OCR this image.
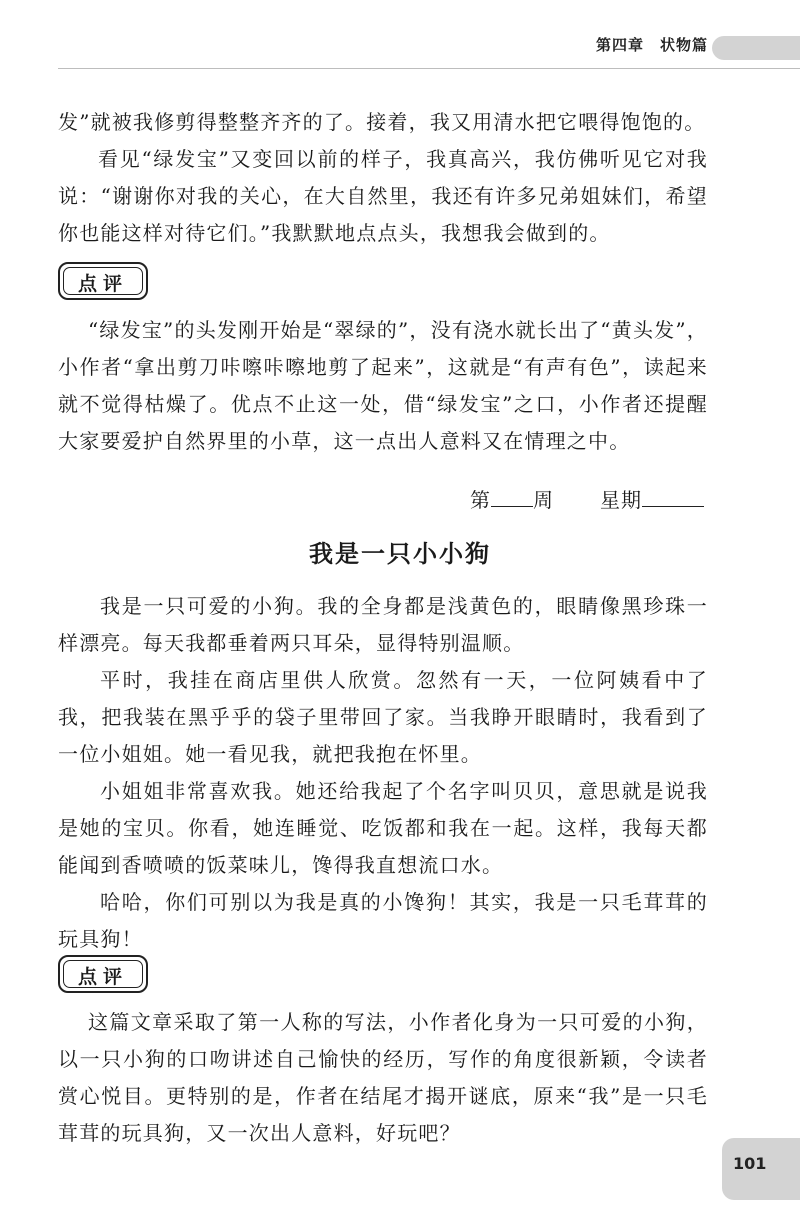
第四章　状物篇

发”就被我修剪得整整齐齐的了。接着，我又用清水把它喂得饱饱的。

看见“绿发宝”又变回以前的样子，我真高兴，我仿佛听见它对我说：“谢谢你对我的关心，在大自然里，我还有许多兄弟姐妹们，希望你也能这样对待它们。”我默默地点点头，我想我会做到的。

点评

“绿发宝”的头发刚开始是“翠绿的”，没有浇水就长出了“黄头发”，小作者“拿出剪刀咔嚓咔嚓地剪了起来”，这就是“有声有色”，读起来就不觉得枯燥了。优点不止这一处，借“绿发宝”之口，小作者还提醒大家要爱护自然界里的小草，这一点出人意料又在情理之中。

第 周 星期
我是一只小小狗

我是一只可爱的小狗。我的全身都是浅黄色的，眼睛像黑珍珠一样漂亮。每天我都垂着两只耳朵，显得特别温顺。

平时，我挂在商店里供人欣赏。忽然有一天，一位阿姨看中了我，把我装在黑乎乎的袋子里带回了家。当我睁开眼睛时，我看到了一位小姐姐。她一看见我，就把我抱在怀里。

小姐姐非常喜欢我。她还给我起了个名字叫贝贝，意思就是说我是她的宝贝。你看，她连睡觉、吃饭都和我在一起。这样，我每天都能闻到香喷喷的饭菜味儿，馋得我直想流口水。

哈哈，你们可别以为我是真的小馋狗！其实，我是一只毛茸茸的玩具狗！

点评

这篇文章采取了第一人称的写法，小作者化身为一只可爱的小狗，以一只小狗的口吻讲述自己愉快的经历，写作的角度很新颖，令读者赏心悦目。更特别的是，作者在结尾才揭开谜底，原来“我”是一只毛茸茸的玩具狗，又一次出人意料，好玩吧？

101
